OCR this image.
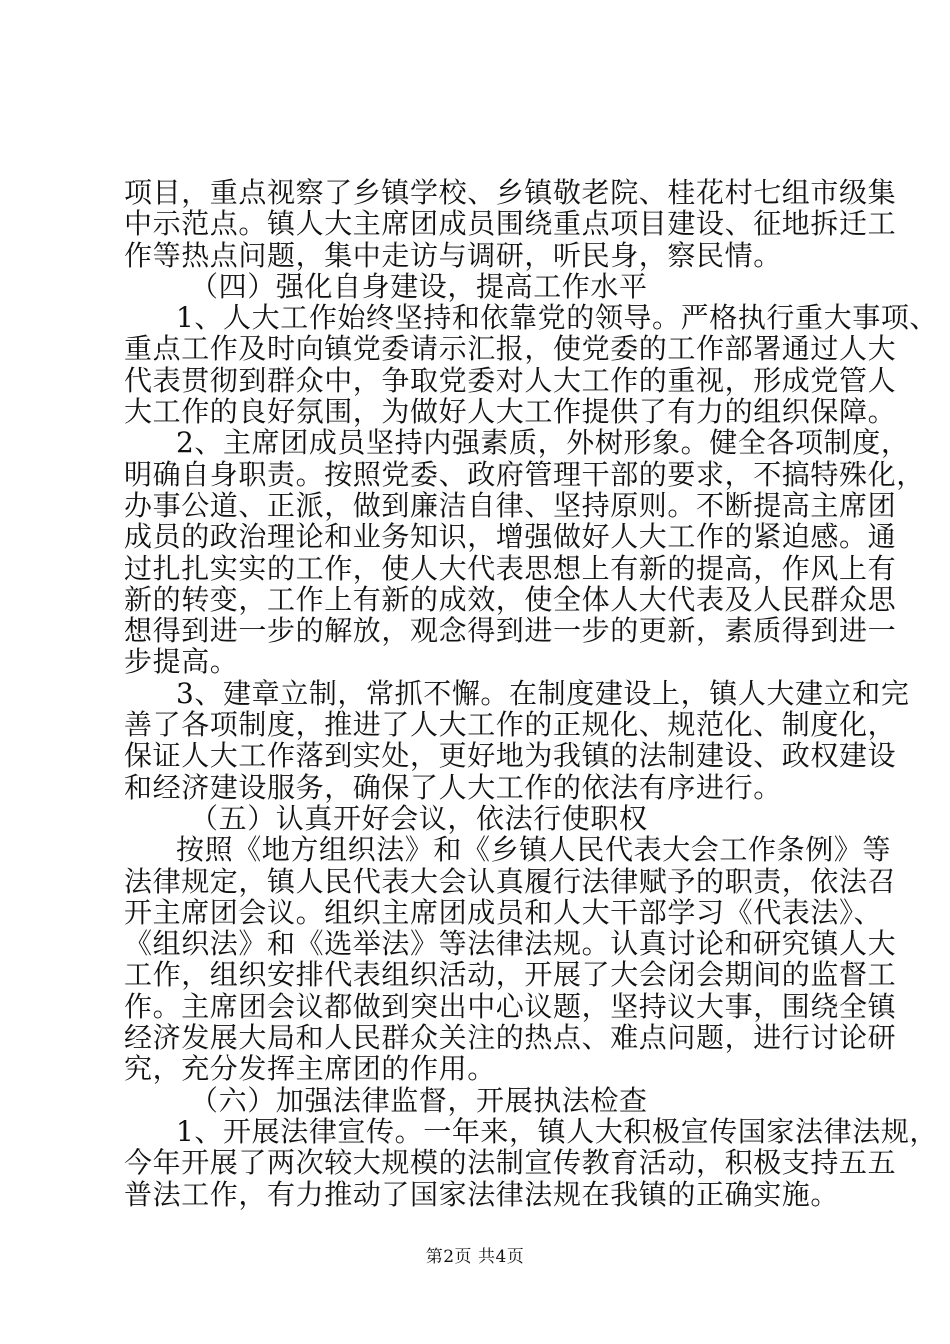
项目，重点视察了乡镇学校、乡镇敬老院、桂花村七组市级集
中示范点。镇人大主席团成员围绕重点项目建设、征地拆迁工
作等热点问题，集中走访与调研，听民身，察民情。
（四）强化自身建设，提高工作水平
1、人大工作始终坚持和依靠党的领导。严格执行重大事项、
重点工作及时向镇党委请示汇报，使党委的工作部署通过人大
代表贯彻到群众中，争取党委对人大工作的重视，形成党管人
大工作的良好氛围，为做好人大工作提供了有力的组织保障。
2、主席团成员坚持内强素质，外树形象。健全各项制度，
明确自身职责。按照党委、政府管理干部的要求，不搞特殊化，
办事公道、正派，做到廉洁自律、坚持原则。不断提高主席团
成员的政治理论和业务知识，增强做好人大工作的紧迫感。通
过扎扎实实的工作，使人大代表思想上有新的提高，作风上有
新的转变，工作上有新的成效，使全体人大代表及人民群众思
想得到进一步的解放，观念得到进一步的更新，素质得到进一
步提高。
3、建章立制，常抓不懈。在制度建设上，镇人大建立和完
善了各项制度，推进了人大工作的正规化、规范化、制度化，
保证人大工作落到实处，更好地为我镇的法制建设、政权建设
和经济建设服务，确保了人大工作的依法有序进行。
（五）认真开好会议，依法行使职权
按照《地方组织法》和《乡镇人民代表大会工作条例》等
法律规定，镇人民代表大会认真履行法律赋予的职责，依法召
开主席团会议。组织主席团成员和人大干部学习《代表法》、
《组织法》和《选举法》等法律法规。认真讨论和研究镇人大
工作，组织安排代表组织活动，开展了大会闭会期间的监督工
作。主席团会议都做到突出中心议题，坚持议大事，围绕全镇
经济发展大局和人民群众关注的热点、难点问题，进行讨论研
究，充分发挥主席团的作用。
（六）加强法律监督，开展执法检查
1、开展法律宣传。一年来，镇人大积极宣传国家法律法规，
今年开展了两次较大规模的法制宣传教育活动，积极支持五五
普法工作，有力推动了国家法律法规在我镇的正确实施。
第2页 共4页
